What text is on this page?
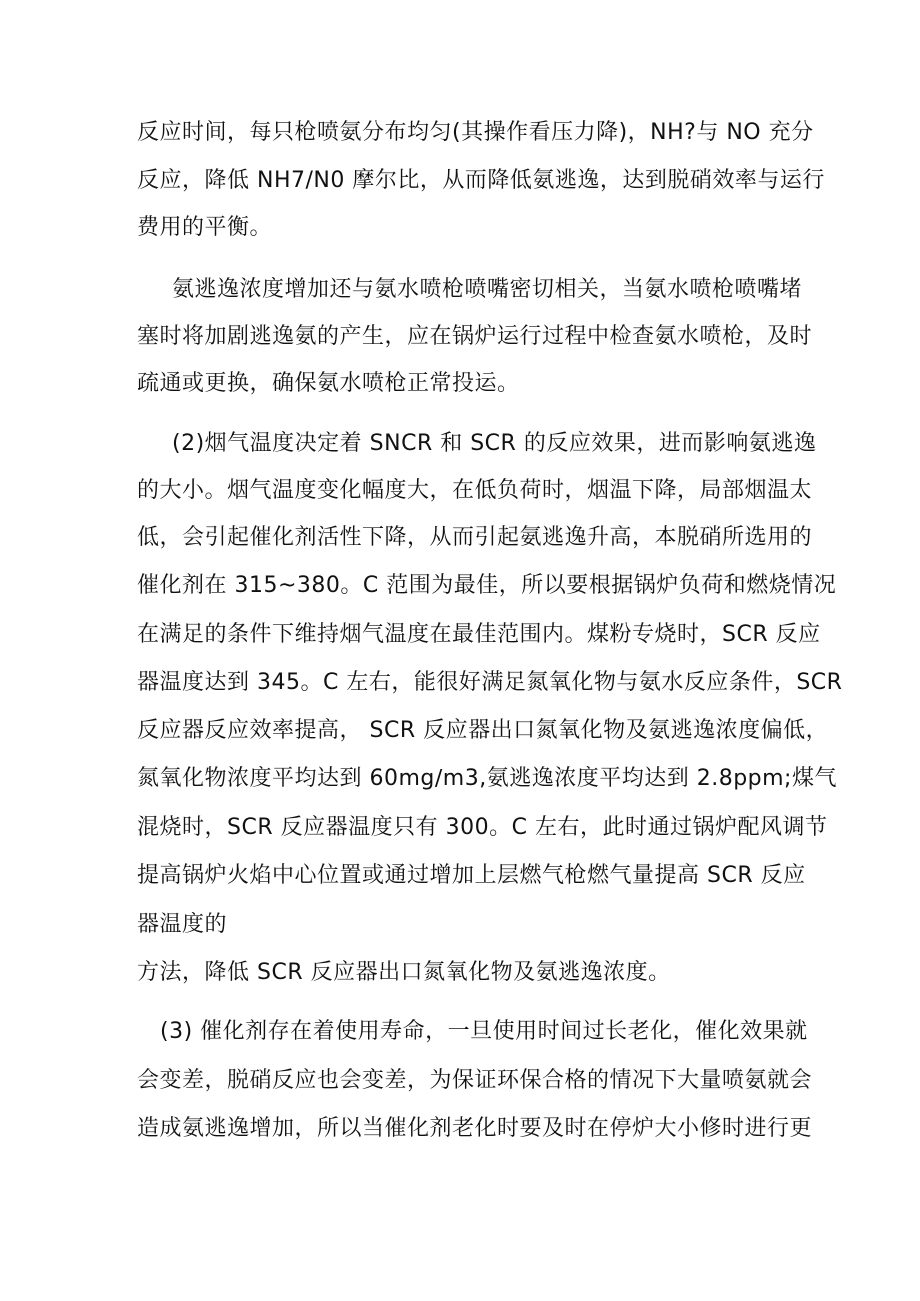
反应时间，每只枪喷氨分布均匀(其操作看压力降)，NH?与 NO 充分
反应，降低 NH7/N0 摩尔比，从而降低氨逃逸，达到脱硝效率与运行
费用的平衡。
氨逃逸浓度增加还与氨水喷枪喷嘴密切相关，当氨水喷枪喷嘴堵
塞时将加剧逃逸氨的产生，应在锅炉运行过程中检查氨水喷枪，及时
疏通或更换，确保氨水喷枪正常投运。
(2)烟气温度决定着 SNCR 和 SCR 的反应效果，进而影响氨逃逸
的大小。烟气温度变化幅度大，在低负荷时，烟温下降，局部烟温太
低，会引起催化剂活性下降，从而引起氨逃逸升高，本脱硝所选用的
催化剂在 315~380。C 范围为最佳，所以要根据锅炉负荷和燃烧情况
在满足的条件下维持烟气温度在最佳范围内。煤粉专烧时，SCR 反应
器温度达到 345。C 左右，能很好满足氮氧化物与氨水反应条件，SCR
反应器反应效率提高， SCR 反应器出口氮氧化物及氨逃逸浓度偏低，
氮氧化物浓度平均达到 60mg∕m3,氨逃逸浓度平均达到 2.8ppm;煤气
混烧时，SCR 反应器温度只有 300。C 左右，此时通过锅炉配风调节
提高锅炉火焰中心位置或通过增加上层燃气枪燃气量提高 SCR 反应
器温度的
方法，降低 SCR 反应器出口氮氧化物及氨逃逸浓度。
(3) 催化剂存在着使用寿命，一旦使用时间过长老化，催化效果就
会变差，脱硝反应也会变差，为保证环保合格的情况下大量喷氨就会
造成氨逃逸增加，所以当催化剂老化时要及时在停炉大小修时进行更
